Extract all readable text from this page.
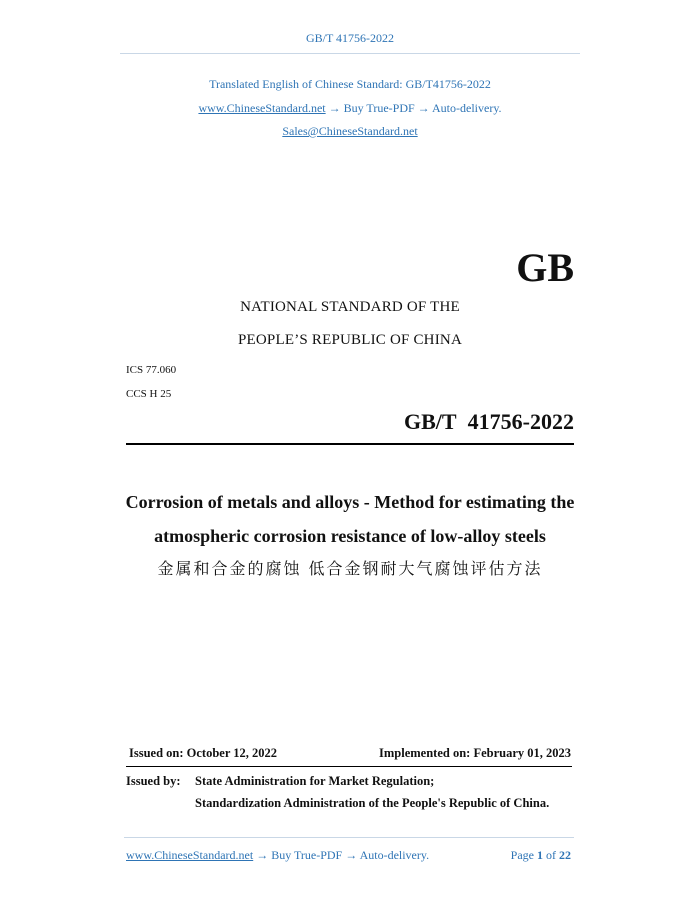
GB/T 41756-2022
Translated English of Chinese Standard: GB/T41756-2022
www.ChineseStandard.net → Buy True-PDF → Auto-delivery.
Sales@ChineseStandard.net
GB
NATIONAL STANDARD OF THE
PEOPLE’S REPUBLIC OF CHINA
ICS 77.060
CCS H 25
GB/T 41756-2022
Corrosion of metals and alloys - Method for estimating the
atmospheric corrosion resistance of low-alloy steels
金属和合金的腐蚀 低合金钢耐大气腐蚀评估方法
Issued on: October 12, 2022	Implemented on: February 01, 2023
Issued by: State Administration for Market Regulation;
Standardization Administration of the People's Republic of China.
www.ChineseStandard.net → Buy True-PDF → Auto-delivery.	Page 1 of 22
